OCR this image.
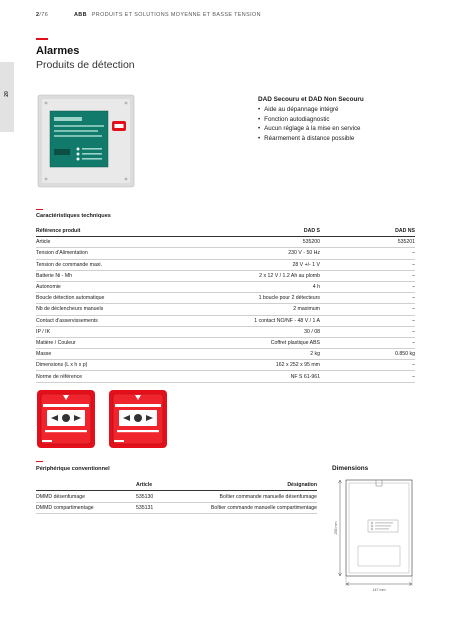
2/76	ABB PRODUITS ET SOLUTIONS MOYENNE ET BASSE TENSION
20
Alarmes
Produits de détection
DAD Secouru et DAD Non Secouru
• Aide au dépannage intégré
• Fonction autodiagnostic
• Aucun réglage à la mise en service
• Réarmement à distance possible
Caractéristiques techniques
Référence produit	DAD S	DAD NS
Article	535200	535201
Tension d'Alimentation	230 V - 50 Hz	–
Tension de commande maxi.	28 V +/- 1 V	–
Batterie Ni - Mh	2 x 12 V / 1.2 Ah au plomb	–
Autonomie	4 h	–
Boucle détection automatique	1 boucle pour 2 détecteurs	–
Nb de déclencheurs manuels	2 maximum	–
Contact d'asservissements	1 contact NO/NF - 48 V / 1 A	–
IP / IK	30 / 08	–
Matière / Couleur	Coffret plastique ABS	–
Masse	2 kg	0.850 kg
Dimensions (L x h x p)	162 x 252 x 95 mm	–
Norme de référence	NF S 61-961	–
Périphérique conventionnel
	Article	Désignation
DMMD désenfumage	535130	Boîtier commande manuelle désenfumage
DMMD compartimentage	535131	Boîtier commande manuelle compartimentage
Dimensions
258 mm
147 mm
